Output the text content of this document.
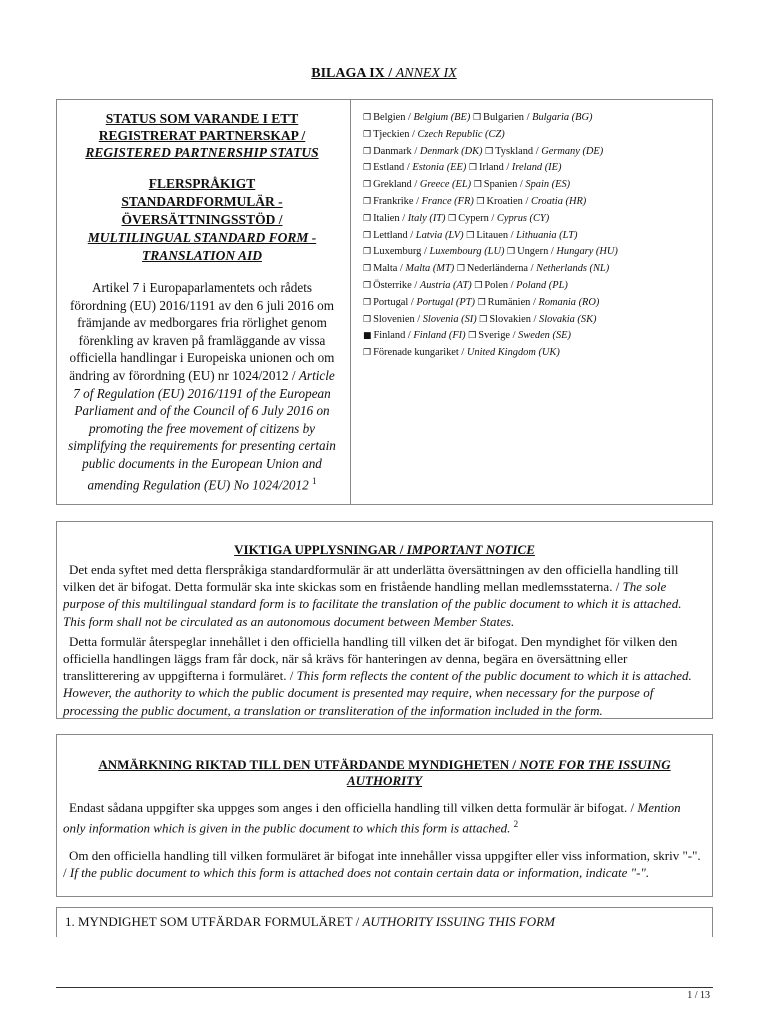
BILAGA IX / ANNEX IX
STATUS SOM VARANDE I ETT
REGISTRERAT PARTNERSKAP /
REGISTERED PARTNERSHIP STATUS
FLERSPRÅKIGT
STANDARDFORMULÄR -
ÖVERSÄTTNINGSSTÖD /
MULTILINGUAL STANDARD FORM -
TRANSLATION AID
Artikel 7 i Europaparlamentets och rådets förordning (EU) 2016/1191 av den 6 juli 2016 om främjande av medborgares fria rörlighet genom förenkling av kraven på framläggande av vissa officiella handlingar i Europeiska unionen och om ändring av förordning (EU) nr 1024/2012 / Article 7 of Regulation (EU) 2016/1191 of the European Parliament and of the Council of 6 July 2016 on promoting the free movement of citizens by simplifying the requirements for presenting certain public documents in the European Union and amending Regulation (EU) No 1024/2012 $^1$
❒ Belgien / Belgium (BE) ❒ Bulgarien / Bulgaria (BG)
❒ Tjeckien / Czech Republic (CZ)
❒ Danmark / Denmark (DK) ❒ Tyskland / Germany (DE)
❒ Estland / Estonia (EE) ❒ Irland / Ireland (IE)
❒ Grekland / Greece (EL) ❒ Spanien / Spain (ES)
❒ Frankrike / France (FR) ❒ Kroatien / Croatia (HR)
❒ Italien / Italy (IT) ❒ Cypern / Cyprus (CY)
❒ Lettland / Latvia (LV) ❒ Litauen / Lithuania (LT)
❒ Luxemburg / Luxembourg (LU) ❒ Ungern / Hungary (HU)
❒ Malta / Malta (MT) ❒ Nederländerna / Netherlands (NL)
❒ Österrike / Austria (AT) ❒ Polen / Poland (PL)
❒ Portugal / Portugal (PT) ❒ Rumänien / Romania (RO)
❒ Slovenien / Slovenia (SI) ❒ Slovakien / Slovakia (SK)
■ Finland / Finland (FI) ❒ Sverige / Sweden (SE)
❒ Förenade kungariket / United Kingdom (UK)
VIKTIGA UPPLYSNINGAR / IMPORTANT NOTICE
Det enda syftet med detta flerspråkiga standardformulär är att underlätta översättningen av den officiella handling till vilken det är bifogat. Detta formulär ska inte skickas som en fristående handling mellan medlemsstaterna. / The sole purpose of this multilingual standard form is to facilitate the translation of the public document to which it is attached. This form shall not be circulated as an autonomous document between Member States.
Detta formulär återspeglar innehållet i den officiella handling till vilken det är bifogat. Den myndighet för vilken den officiella handlingen läggs fram får dock, när så krävs för hanteringen av denna, begära en översättning eller translitterering av uppgifterna i formuläret. / This form reflects the content of the public document to which it is attached. However, the authority to which the public document is presented may require, when necessary for the purpose of processing the public document, a translation or transliteration of the information included in the form.
ANMÄRKNING RIKTAD TILL DEN UTFÄRDANDE MYNDIGHETEN / NOTE FOR THE ISSUING AUTHORITY
Endast sådana uppgifter ska uppges som anges i den officiella handling till vilken detta formulär är bifogat. / Mention only information which is given in the public document to which this form is attached. $^2$
Om den officiella handling till vilken formuläret är bifogat inte innehåller vissa uppgifter eller viss information, skriv "-". / If the public document to which this form is attached does not contain certain data or information, indicate "-".
1. MYNDIGHET SOM UTFÄRDAR FORMULÄRET / AUTHORITY ISSUING THIS FORM
1 / 13
